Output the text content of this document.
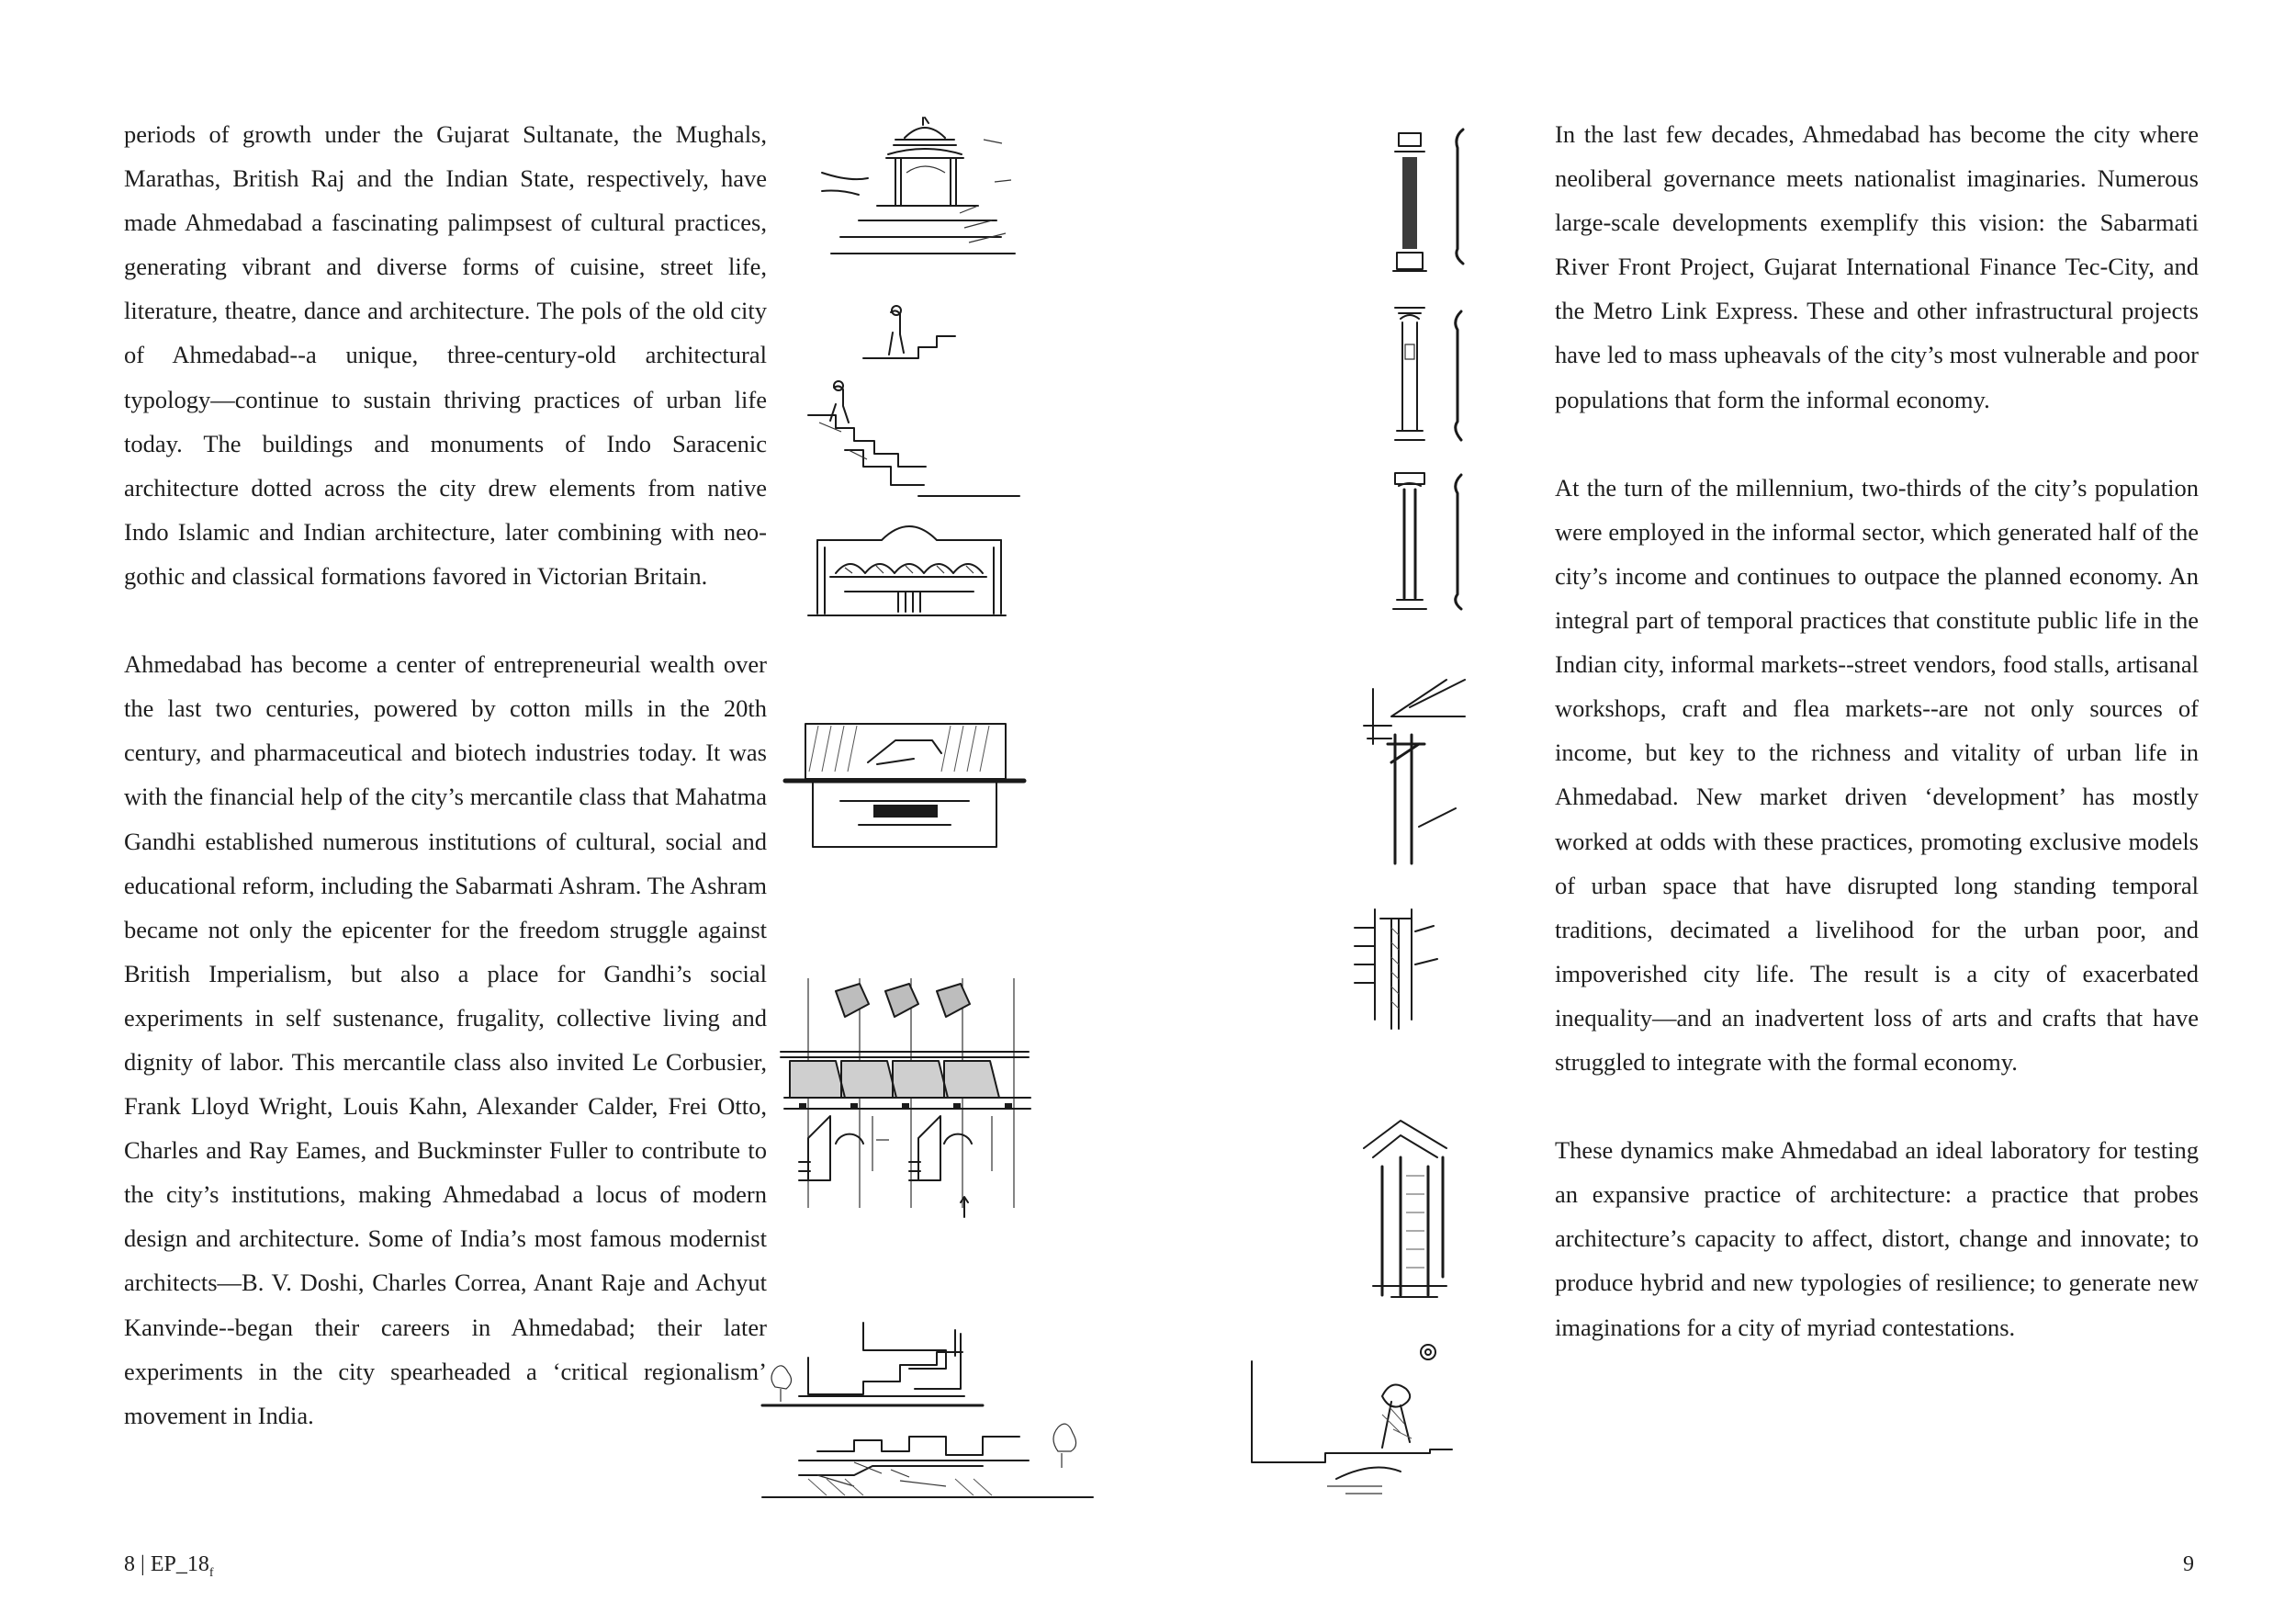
periods of growth under the Gujarat Sultanate, the Mughals, Marathas, British Raj and the Indian State, respectively, have made Ahmedabad a fascinating palimpsest of cultural practices, generating vibrant and diverse forms of cuisine, street life, literature, theatre, dance and architecture. The pols of the old city of Ahmedabad--a unique, three-century-old architectural typology—continue to sustain thriving practices of urban life today. The buildings and monuments of Indo Saracenic architecture dotted across the city drew elements from native Indo Islamic and Indian architecture, later combining with neo-gothic and classical formations favored in Victorian Britain.

Ahmedabad has become a center of entrepreneurial wealth over the last two centuries, powered by cotton mills in the 20th century, and pharmaceutical and biotech industries today. It was with the financial help of the city’s mercantile class that Mahatma Gandhi established numerous institutions of cultural, social and educational reform, including the Sabarmati Ashram. The Ashram became not only the epicenter for the freedom struggle against British Imperialism, but also a place for Gandhi’s social experiments in self sustenance, frugality, collective living and dignity of labor. This mercantile class also invited Le Corbusier, Frank Lloyd Wright, Louis Kahn, Alexander Calder, Frei Otto, Charles and Ray Eames, and Buckminster Fuller to contribute to the city’s institutions, making Ahmedabad a locus of modern design and architecture. Some of India’s most famous modernist architects—B. V. Doshi, Charles Correa, Anant Raje and Achyut Kanvinde--began their careers in Ahmedabad; their later experiments in the city spearheaded a ‘critical regionalism’ movement in India.

In the last few decades, Ahmedabad has become the city where neoliberal governance meets nationalist imaginaries. Numerous large-scale developments exemplify this vision: the Sabarmati River Front Project, Gujarat International Finance Tec-City, and the Metro Link Express. These and other infrastructural projects have led to mass upheavals of the city’s most vulnerable and poor populations that form the informal economy.

At the turn of the millennium, two-thirds of the city’s population were employed in the informal sector, which generated half of the city’s income and continues to outpace the planned economy. An integral part of temporal practices that constitute public life in the Indian city, informal markets--street vendors, food stalls, artisanal workshops, craft and flea markets--are not only sources of income, but key to the richness and vitality of urban life in Ahmedabad. New market driven ‘development’ has mostly worked at odds with these practices, promoting exclusive models of urban space that have disrupted long standing temporal traditions, decimated a livelihood for the urban poor, and impoverished city life. The result is a city of exacerbated inequality—and an inadvertent loss of arts and crafts that have struggled to integrate with the formal economy.

These dynamics make Ahmedabad an ideal laboratory for testing an expansive practice of architecture: a practice that probes architecture’s capacity to affect, distort, change and innovate; to produce hybrid and new typologies of resilience; to generate new imaginations for a city of myriad contestations.

8 | $EP\_18_f$	9
